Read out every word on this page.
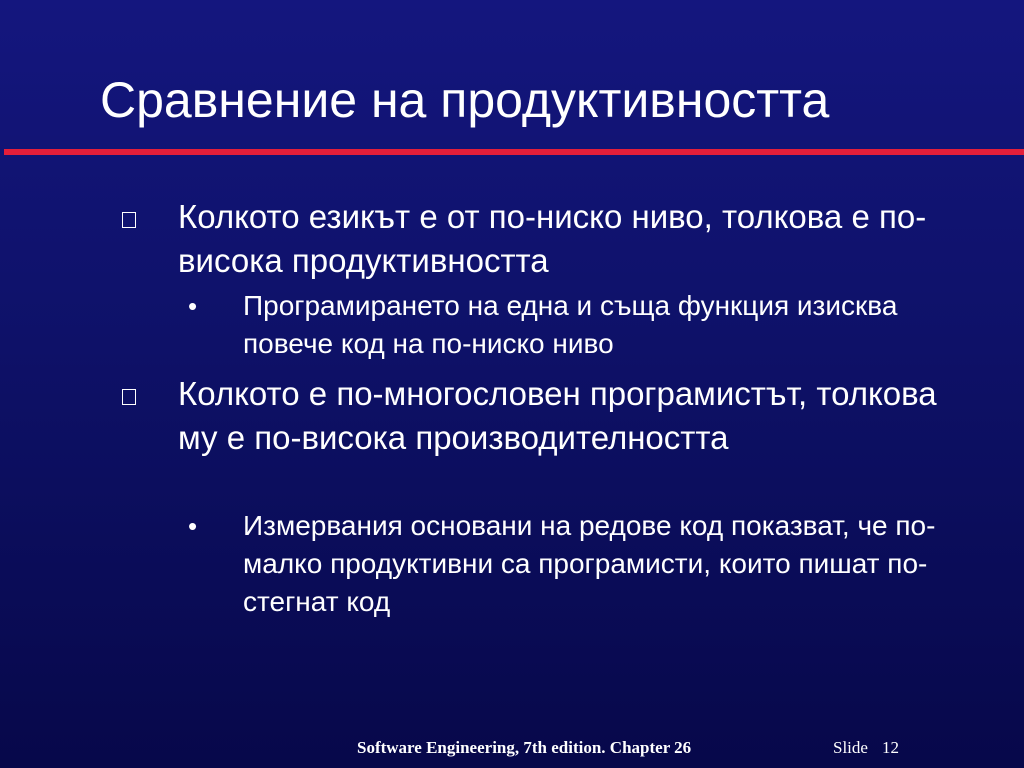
Сравнение на продуктивността
Колкото езикът е от по-ниско ниво, толкова е по-висока продуктивността
• Програмирането на една и съща функция изисква повече код на по-ниско ниво
Колкото е по-многословен програмистът, толкова му е по-висока производителността
• Измервания основани на редове код показват, че по-малко продуктивни са програмисти, които пишат по-стегнат код
Software Engineering, 7th edition. Chapter 26	Slide 12
